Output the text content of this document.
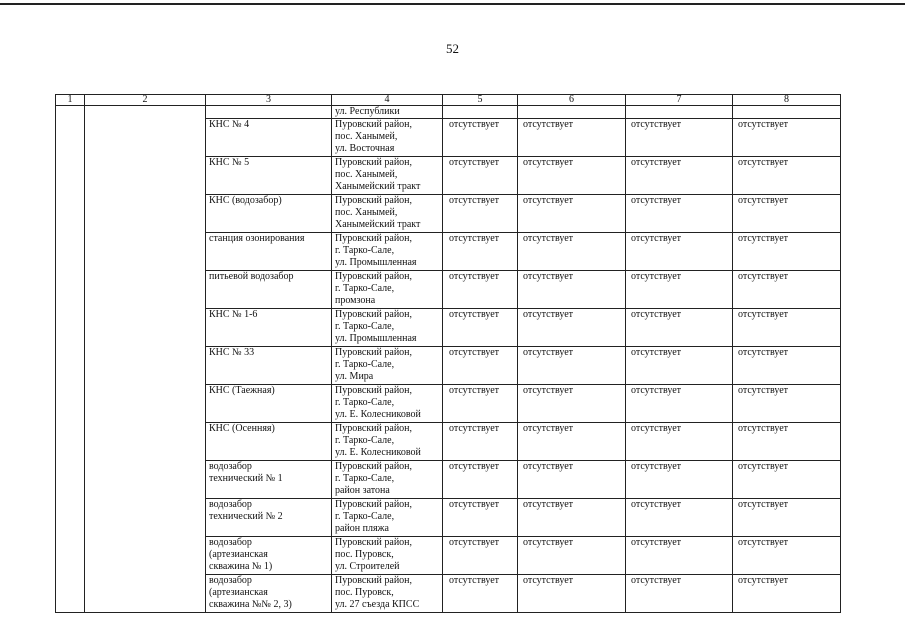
52
1	2	3	4	5	6	7	8

			ул. Республики				

		КНС № 4	Пуровский район,
пос. Ханымей,
ул. Восточная	отсутствует	отсутствует	отсутствует	отсутствует

		КНС № 5	Пуровский район,
пос. Ханымей,
Ханымейский тракт	отсутствует	отсутствует	отсутствует	отсутствует

		КНС (водозабор)	Пуровский район,
пос. Ханымей,
Ханымейский тракт	отсутствует	отсутствует	отсутствует	отсутствует

		станция озонирования	Пуровский район,
г. Тарко-Сале,
ул. Промышленная	отсутствует	отсутствует	отсутствует	отсутствует

		питьевой водозабор	Пуровский район,
г. Тарко-Сале,
промзона	отсутствует	отсутствует	отсутствует	отсутствует

		КНС № 1-6	Пуровский район,
г. Тарко-Сале,
ул. Промышленная	отсутствует	отсутствует	отсутствует	отсутствует

		КНС № 33	Пуровский район,
г. Тарко-Сале,
ул. Мира	отсутствует	отсутствует	отсутствует	отсутствует

		КНС (Таежная)	Пуровский район,
г. Тарко-Сале,
ул. Е. Колесниковой	отсутствует	отсутствует	отсутствует	отсутствует

		КНС (Осенняя)	Пуровский район,
г. Тарко-Сале,
ул. Е. Колесниковой	отсутствует	отсутствует	отсутствует	отсутствует

		водозабор
технический № 1	Пуровский район,
г. Тарко-Сале,
район затона	отсутствует	отсутствует	отсутствует	отсутствует

		водозабор
технический № 2	Пуровский район,
г. Тарко-Сале,
район пляжа	отсутствует	отсутствует	отсутствует	отсутствует

		водозабор
(артезианская
скважина № 1)	Пуровский район,
пос. Пуровск,
ул. Строителей	отсутствует	отсутствует	отсутствует	отсутствует

		водозабор
(артезианская
скважина №№ 2, 3)	Пуровский район,
пос. Пуровск,
ул. 27 съезда КПСС	отсутствует	отсутствует	отсутствует	отсутствует
